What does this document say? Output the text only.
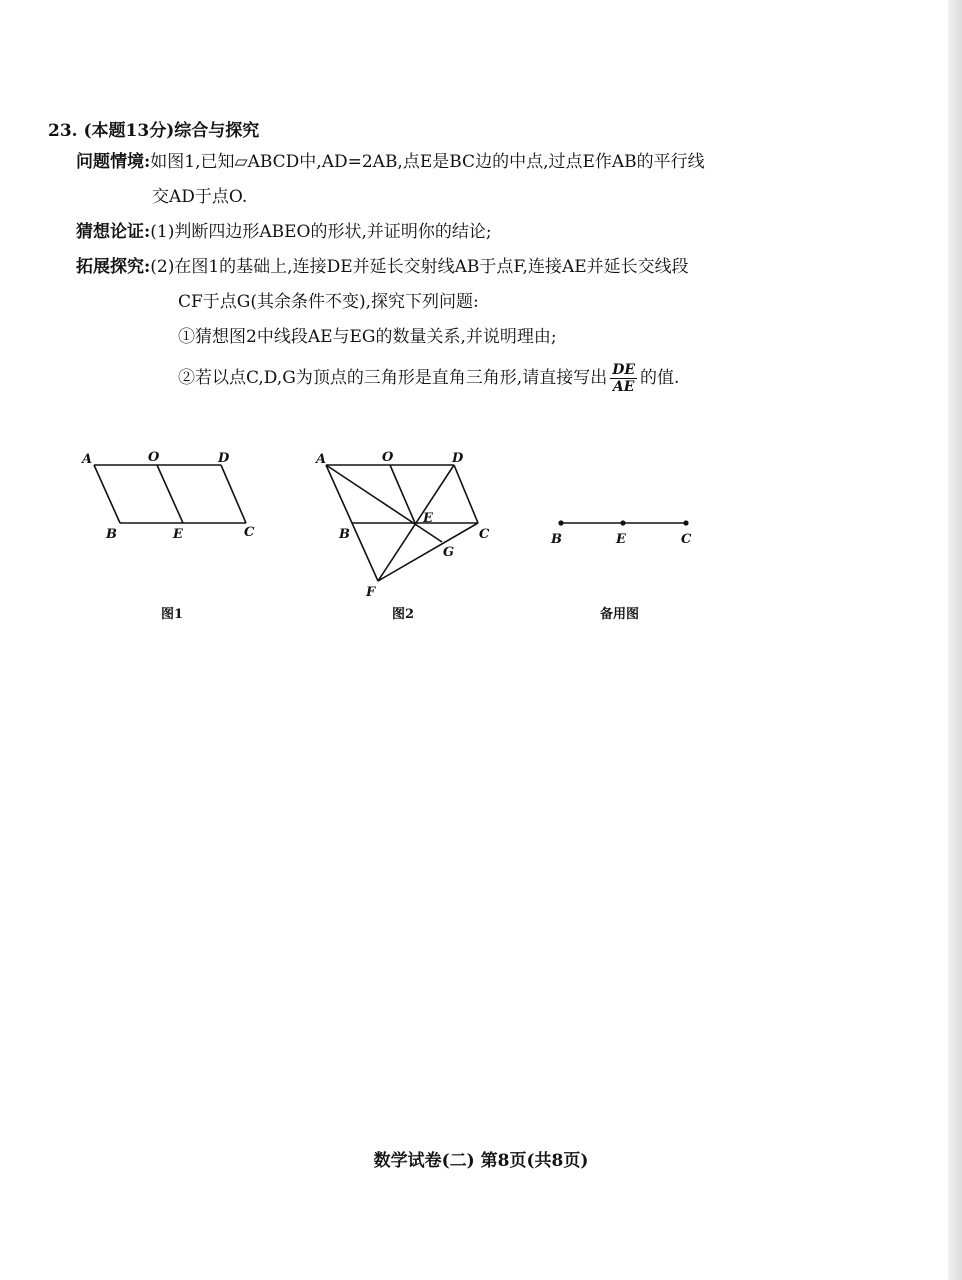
23. (本题13分)综合与探究
问题情境:如图1,已知▱ABCD中,AD=2AB,点E是BC边的中点,过点E作AB的平行线
交AD于点O.
猜想论证:(1)判断四边形ABEO的形状,并证明你的结论;
拓展探究:(2)在图1的基础上,连接DE并延长交射线AB于点F,连接AE并延长交线段
CF于点G(其余条件不变),探究下列问题:
①猜想图2中线段AE与EG的数量关系,并说明理由;
②若以点C,D,G为顶点的三角形是直角三角形,请直接写出 $\frac{DE}{AE}$ 的值.
A	O	D
B	E	C
A	O	D
B
E
C
G
F
B	E	C
图1	图2	备用图
数学试卷(二) 第8页(共8页)
